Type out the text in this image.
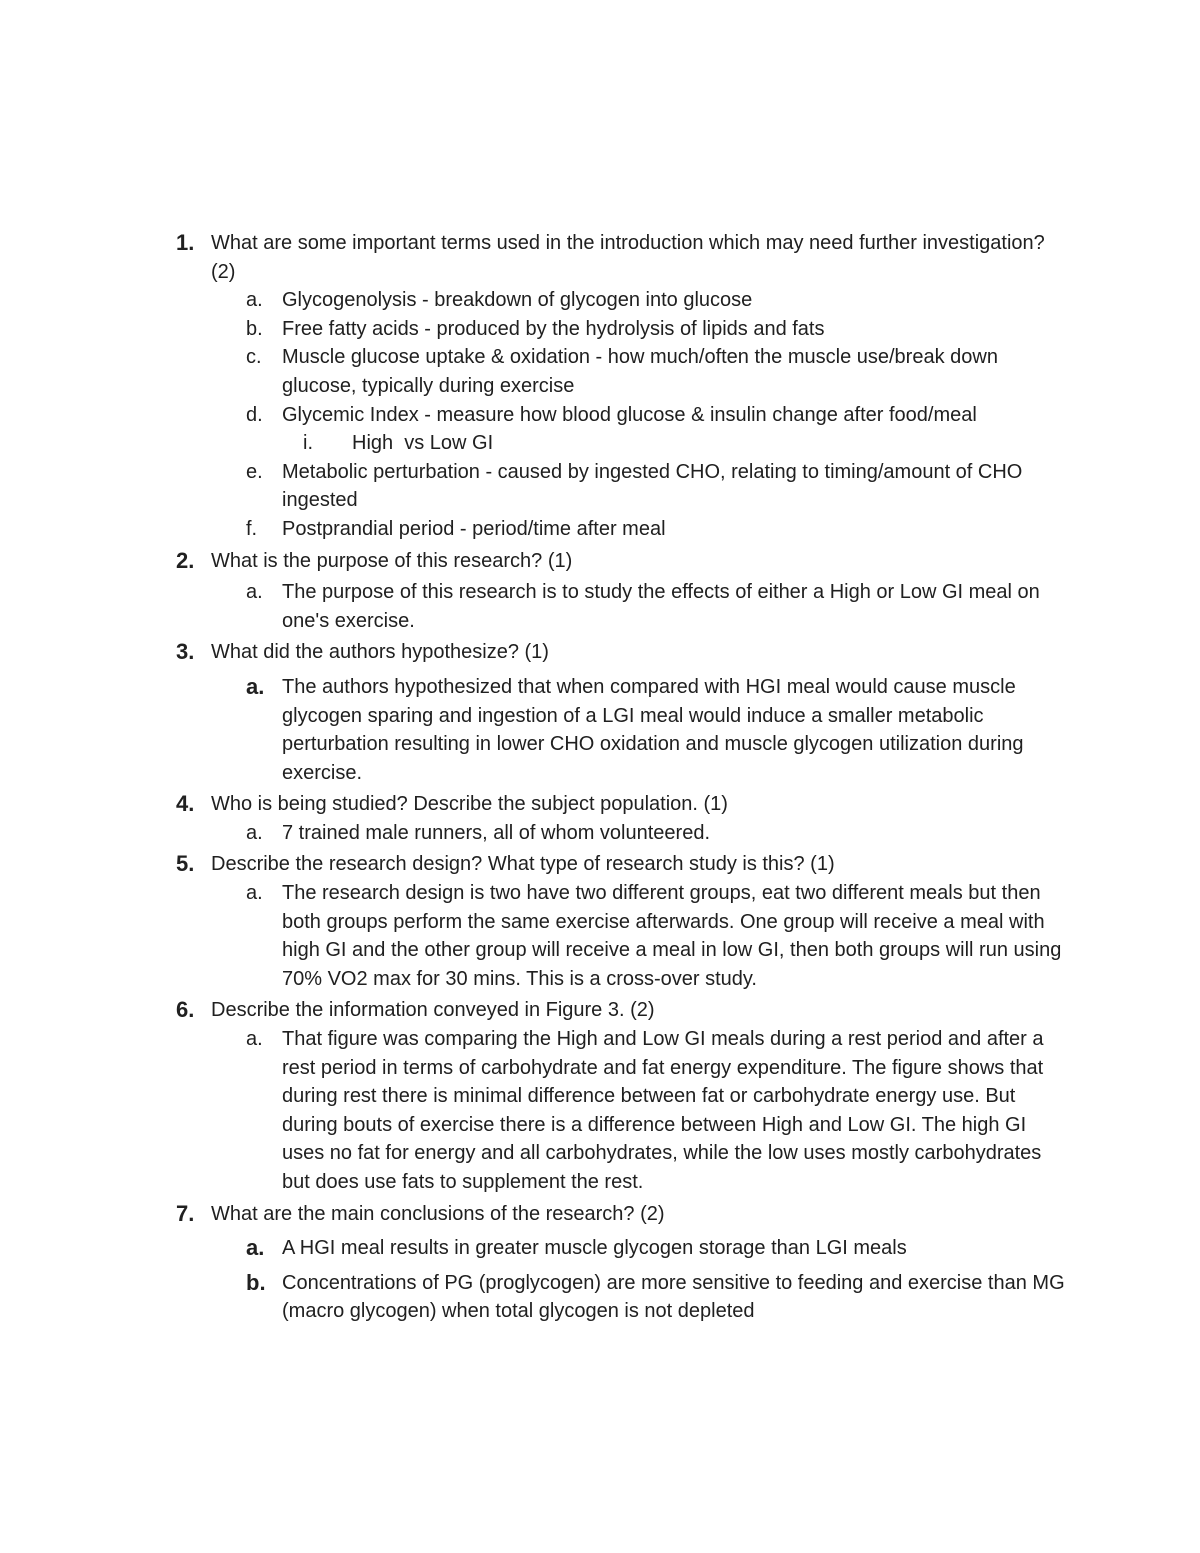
1. What are some important terms used in the introduction which may need further investigation? (2)
a. Glycogenolysis - breakdown of glycogen into glucose
b. Free fatty acids - produced by the hydrolysis of lipids and fats
c. Muscle glucose uptake & oxidation - how much/often the muscle use/break down glucose, typically during exercise
d. Glycemic Index - measure how blood glucose & insulin change after food/meal
i. High  vs Low GI
e. Metabolic perturbation - caused by ingested CHO, relating to timing/amount of CHO ingested
f. Postprandial period - period/time after meal
2. What is the purpose of this research? (1)
a. The purpose of this research is to study the effects of either a High or Low GI meal on one's exercise.
3. What did the authors hypothesize? (1)
a. The authors hypothesized that when compared with HGI meal would cause muscle glycogen sparing and ingestion of a LGI meal would induce a smaller metabolic perturbation resulting in lower CHO oxidation and muscle glycogen utilization during exercise.
4. Who is being studied? Describe the subject population. (1)
a. 7 trained male runners, all of whom volunteered.
5. Describe the research design? What type of research study is this? (1)
a. The research design is two have two different groups, eat two different meals but then both groups perform the same exercise afterwards. One group will receive a meal with high GI and the other group will receive a meal in low GI, then both groups will run using 70% VO2 max for 30 mins. This is a cross-over study.
6. Describe the information conveyed in Figure 3. (2)
a. That figure was comparing the High and Low GI meals during a rest period and after a rest period in terms of carbohydrate and fat energy expenditure. The figure shows that during rest there is minimal difference between fat or carbohydrate energy use. But during bouts of exercise there is a difference between High and Low GI. The high GI uses no fat for energy and all carbohydrates, while the low uses mostly carbohydrates but does use fats to supplement the rest.
7. What are the main conclusions of the research? (2)
a. A HGI meal results in greater muscle glycogen storage than LGI meals
b. Concentrations of PG (proglycogen) are more sensitive to feeding and exercise than MG (macro glycogen) when total glycogen is not depleted
